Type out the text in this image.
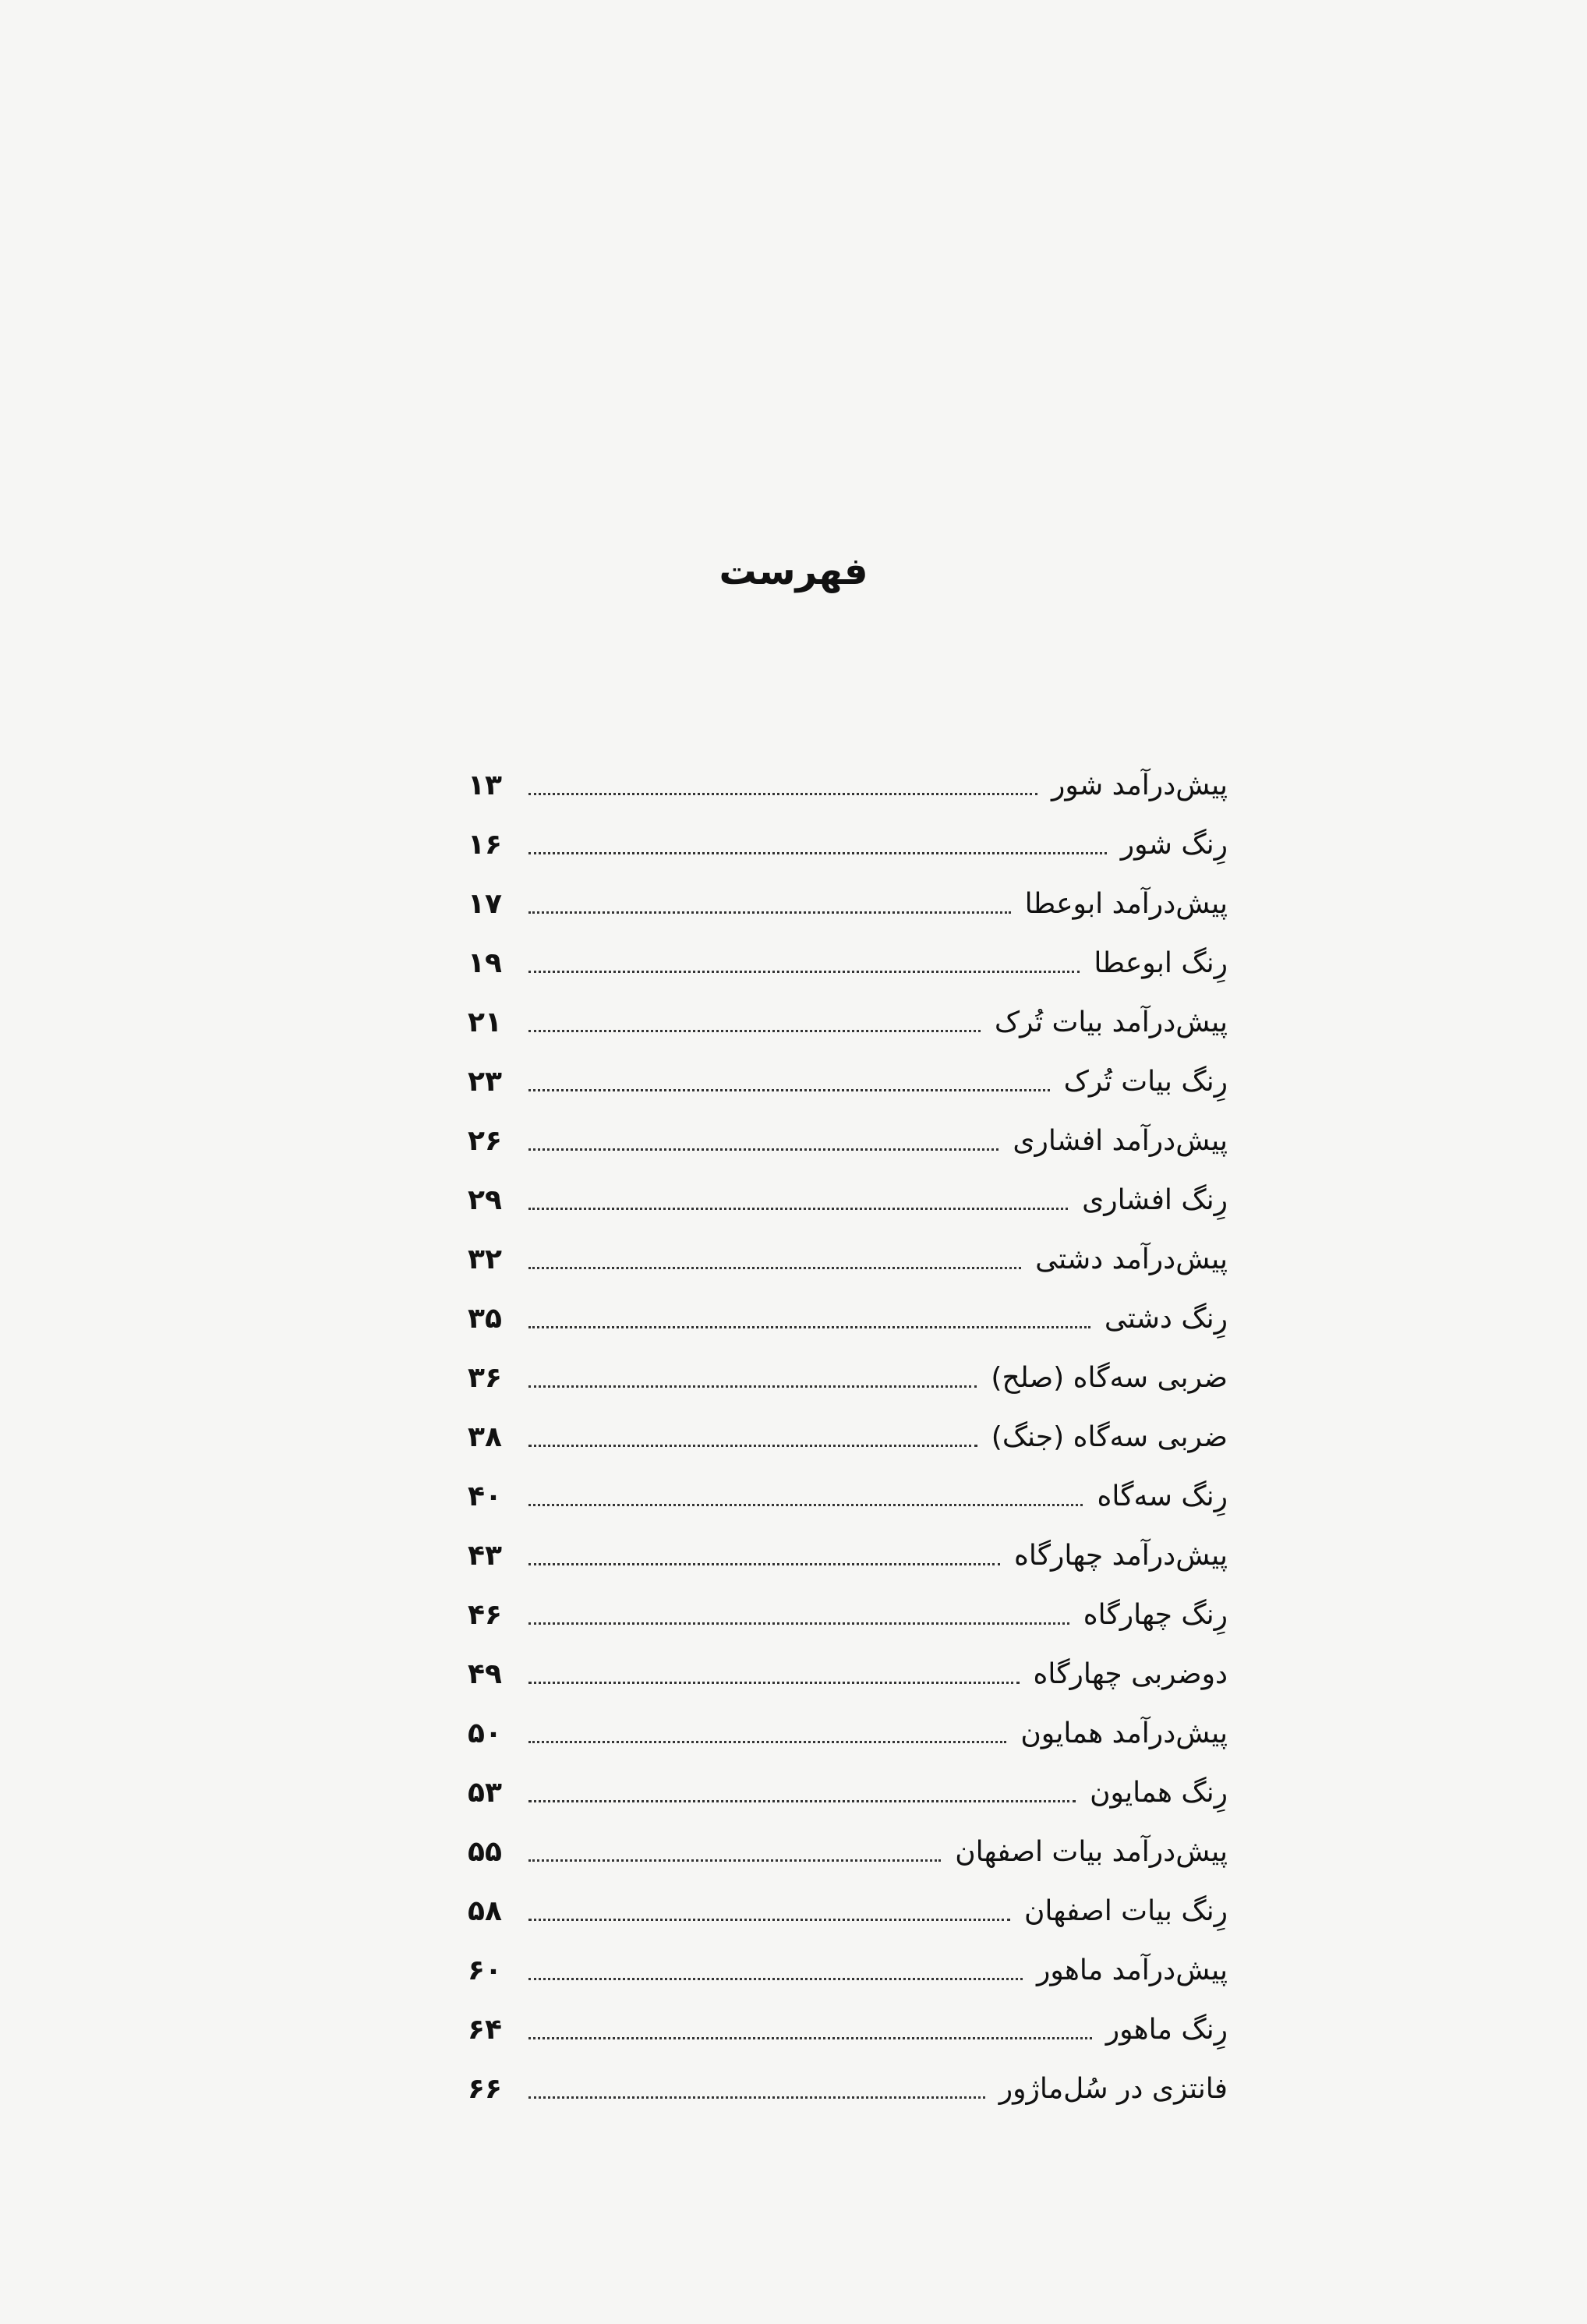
فهرست
پیش‌درآمد شور
۱۳
رِنگ شور
۱۶
پیش‌درآمد ابوعطا
۱۷
رِنگ ابوعطا
۱۹
پیش‌درآمد بیات تُرک
۲۱
رِنگ بیات تُرک
۲۳
پیش‌درآمد افشاری
۲۶
رِنگ افشاری
۲۹
پیش‌درآمد دشتی
۳۲
رِنگ دشتی
۳۵
ضربی سه‌گاه (صلح)
۳۶
ضربی سه‌گاه (جنگ)
۳۸
رِنگ سه‌گاه
۴۰
پیش‌درآمد چهارگاه
۴۳
رِنگ چهارگاه
۴۶
دوضربی چهارگاه
۴۹
پیش‌درآمد همایون
۵۰
رِنگ همایون
۵۳
پیش‌درآمد بیات اصفهان
۵۵
رِنگ بیات اصفهان
۵۸
پیش‌درآمد ماهور
۶۰
رِنگ ماهور
۶۴
فانتزی در سُل‌ماژور
۶۶
